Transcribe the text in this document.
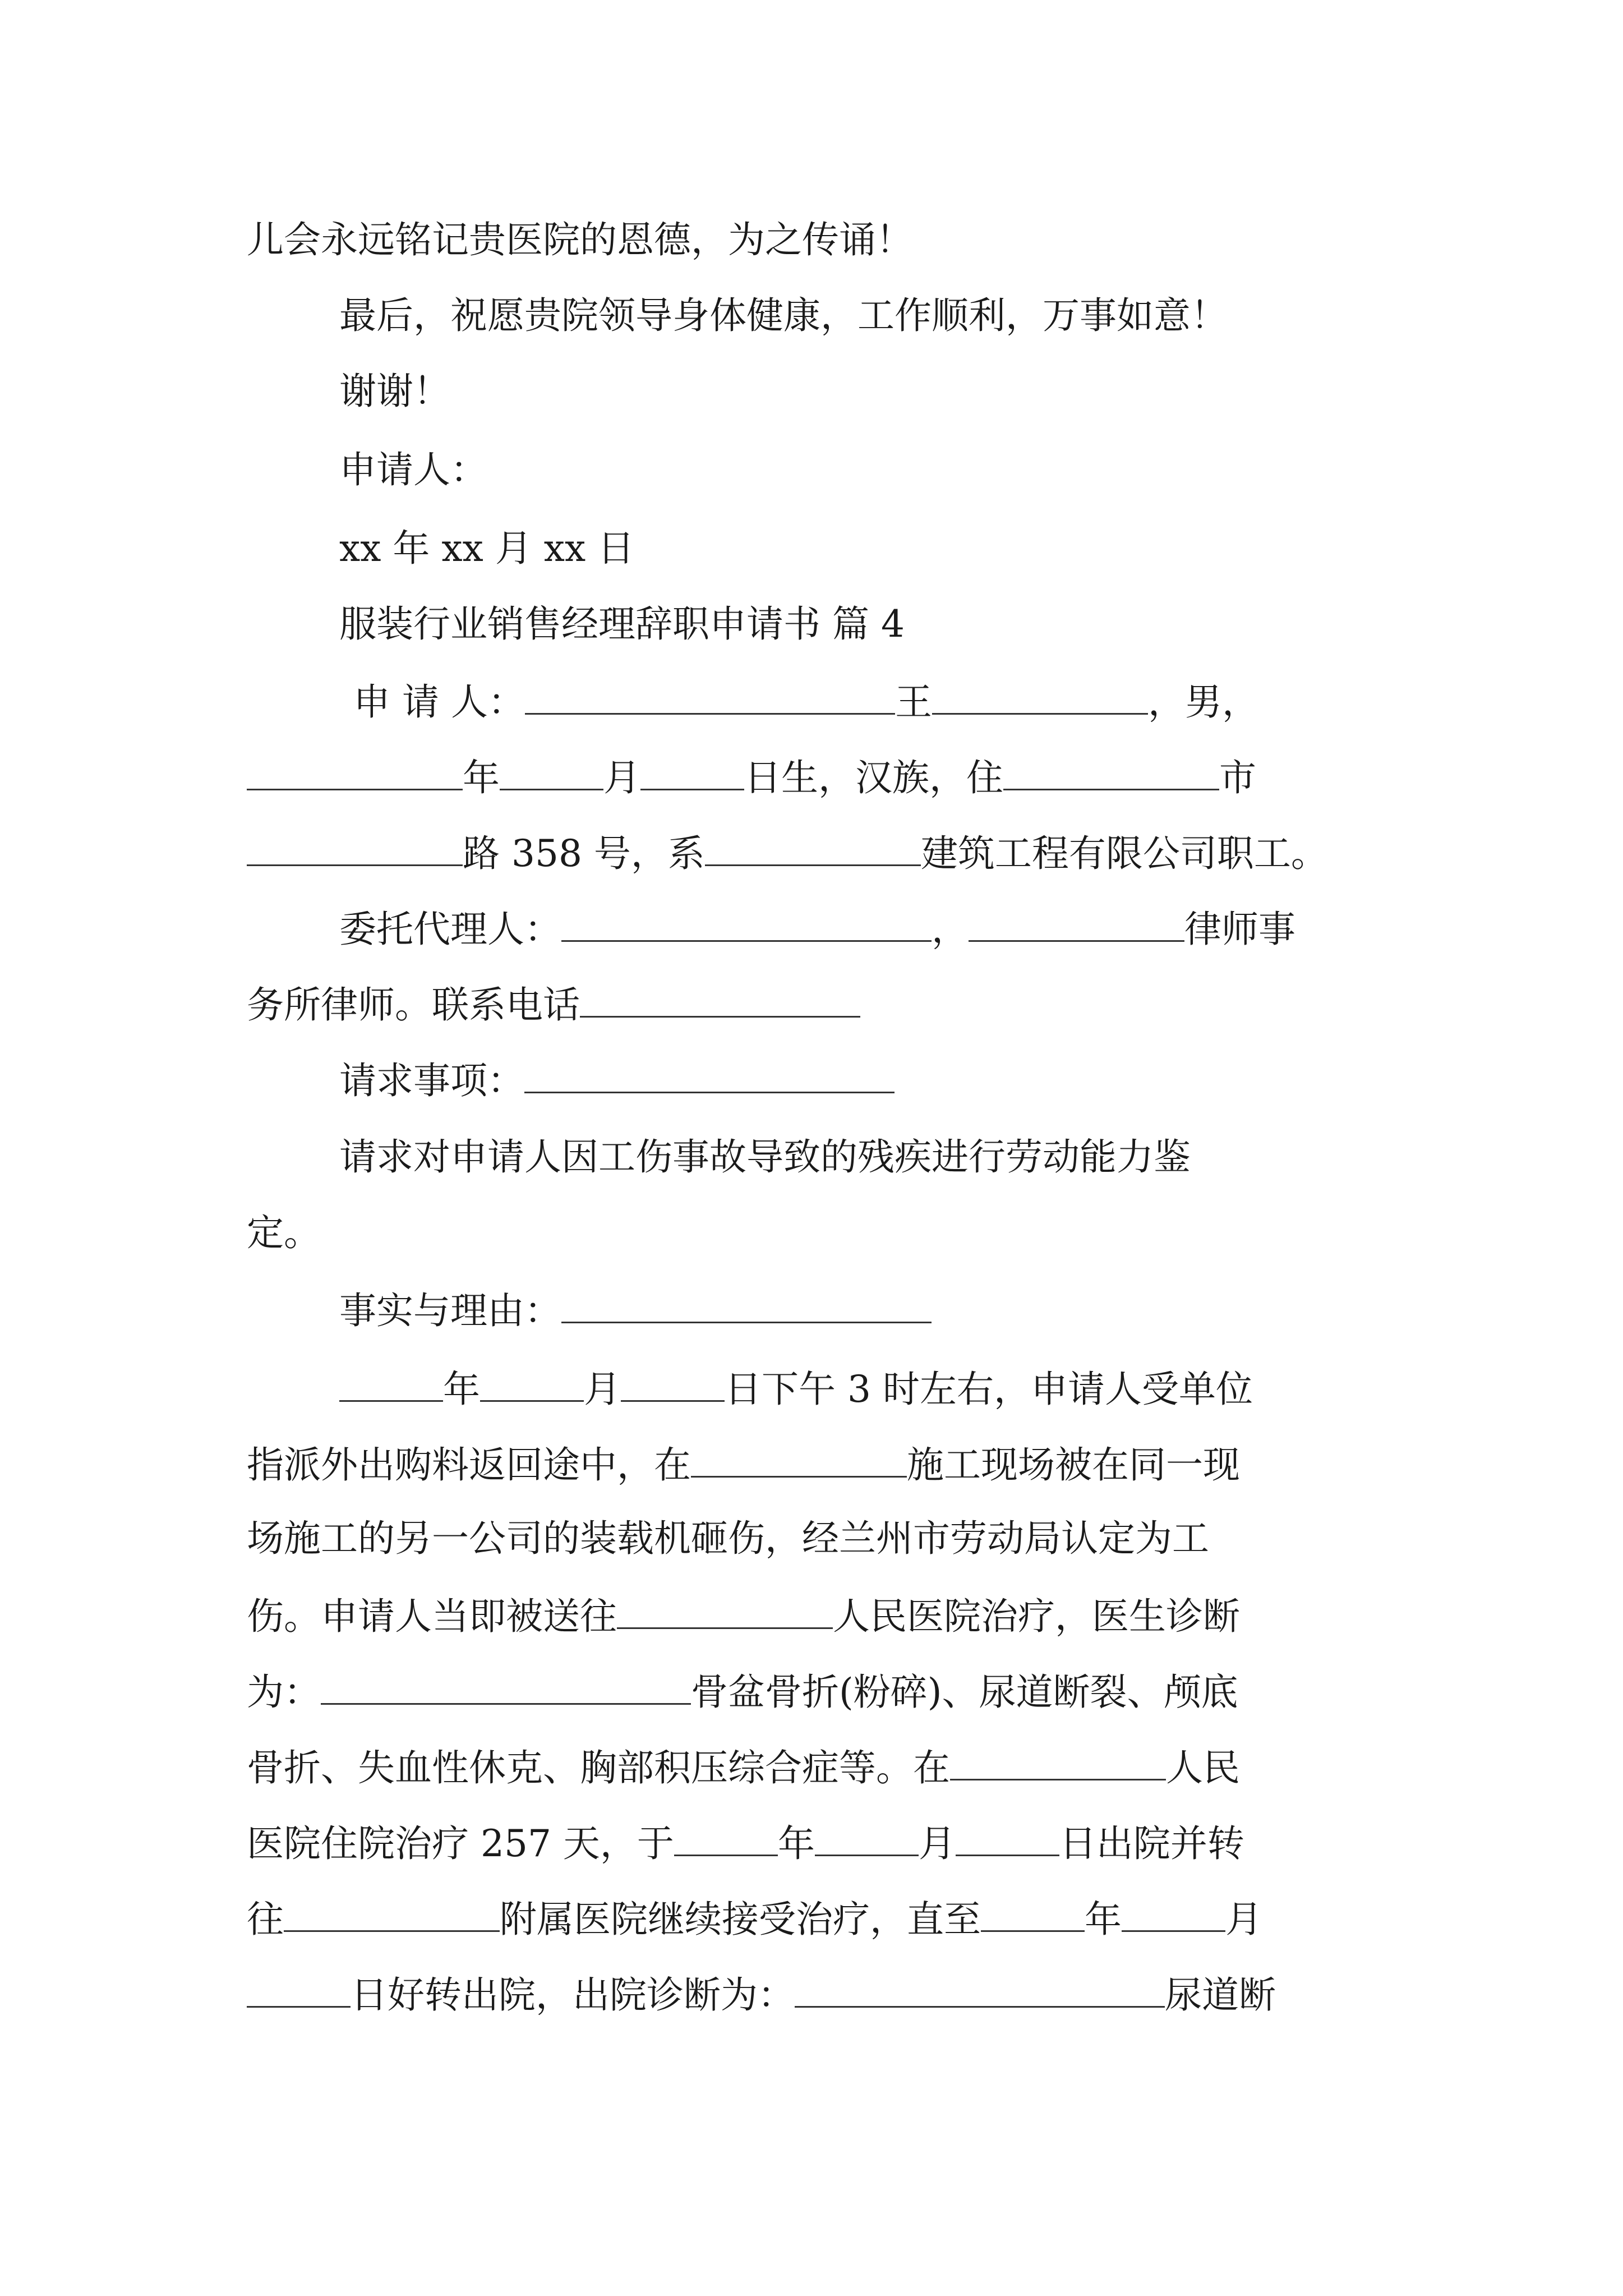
儿会永远铭记贵医院的恩德，为之传诵！
最后，祝愿贵院领导身体健康，工作顺利，万事如意！
谢谢！
申请人：
xx 年 xx 月 xx 日
服装行业销售经理辞职申请书 篇 4
申 请 人：	王	，男，
年	月	日生，汉族，住	市
路 358 号，系	建筑工程有限公司职工。
委托代理人：	，	律师事
务所律师。联系电话
请求事项：
请求对申请人因工伤事故导致的残疾进行劳动能力鉴
定。
事实与理由：
年	月	日下午 3 时左右，申请人受单位
指派外出购料返回途中，在	施工现场被在同一现
场施工的另一公司的装载机砸伤，经兰州市劳动局认定为工
伤。申请人当即被送往	人民医院治疗，医生诊断
为：	骨盆骨折(粉碎)、尿道断裂、颅底
骨折、失血性休克、胸部积压综合症等。在	人民
医院住院治疗 257 天，于	年	月	日出院并转
往	附属医院继续接受治疗，直至	年	月
日好转出院，出院诊断为：	尿道断
